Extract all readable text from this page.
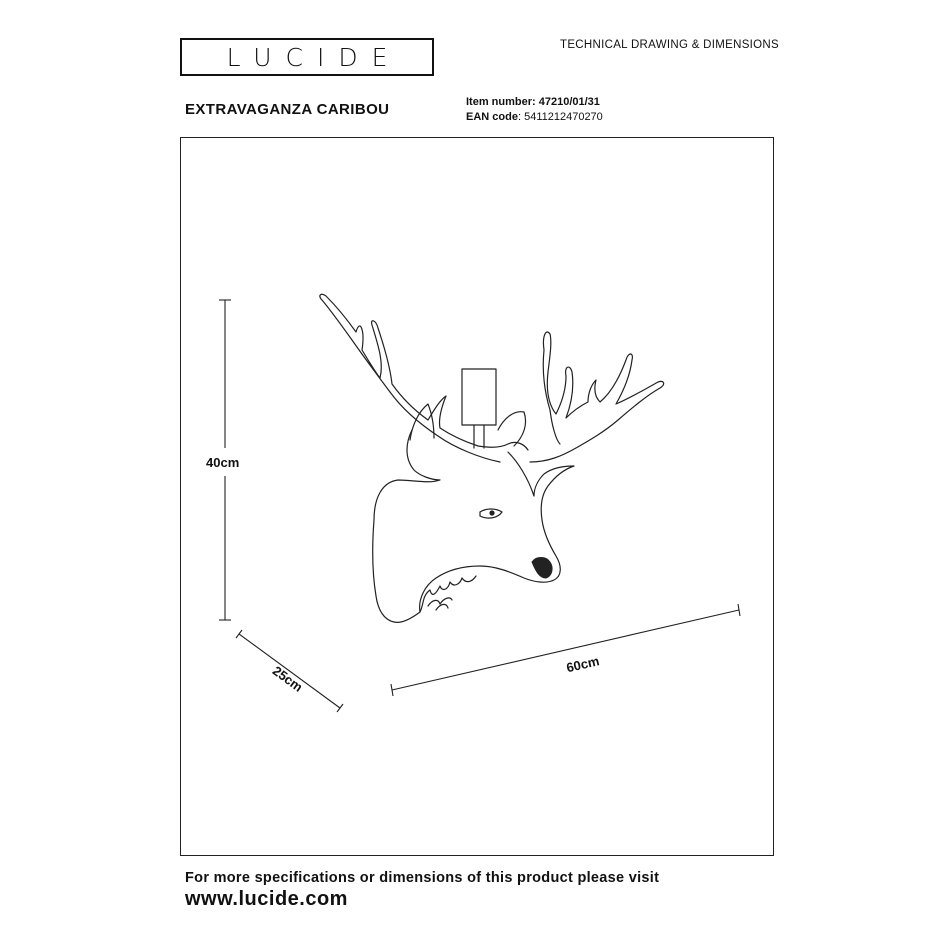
LUCIDE	TECHNICAL DRAWING & DIMENSIONS
EXTRAVAGANZA CARIBOU	Item number: 47210/01/31
EAN code: 5411212470270
40cm
25cm	60cm
For more specifications or dimensions of this product please visit
www.lucide.com
